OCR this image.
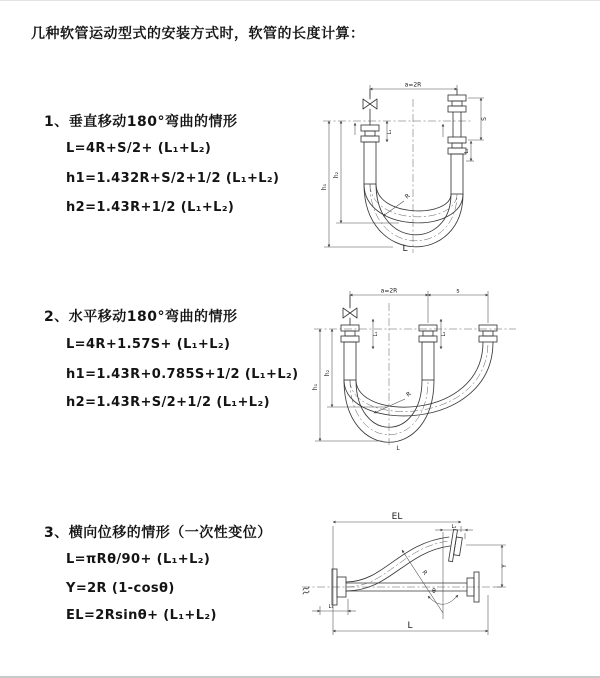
几种软管运动型式的安装方式时，软管的长度计算：
1、垂直移动180°弯曲的情形
L=4R+S/2+ (L₁+L₂)
h1=1.432R+S/2+1/2 (L₁+L₂)
h2=1.43R+1/2 (L₁+L₂)
2、水平移动180°弯曲的情形
L=4R+1.57S+ (L₁+L₂)
h1=1.43R+0.785S+1/2 (L₁+L₂)
h2=1.43R+S/2+1/2 (L₁+L₂)
3、横向位移的情形（一次性变位）
L=πRθ/90+ (L₁+L₂)
Y=2R (1-cosθ)
EL=2Rsinθ+ (L₁+L₂)
a=2R
L₁
S
L₂
h₁
h₂
R
L
a=2R	s
L₁	L₂
h₁
h₂
R
L
EL
L₂
Y
R
θ
L₁
L
